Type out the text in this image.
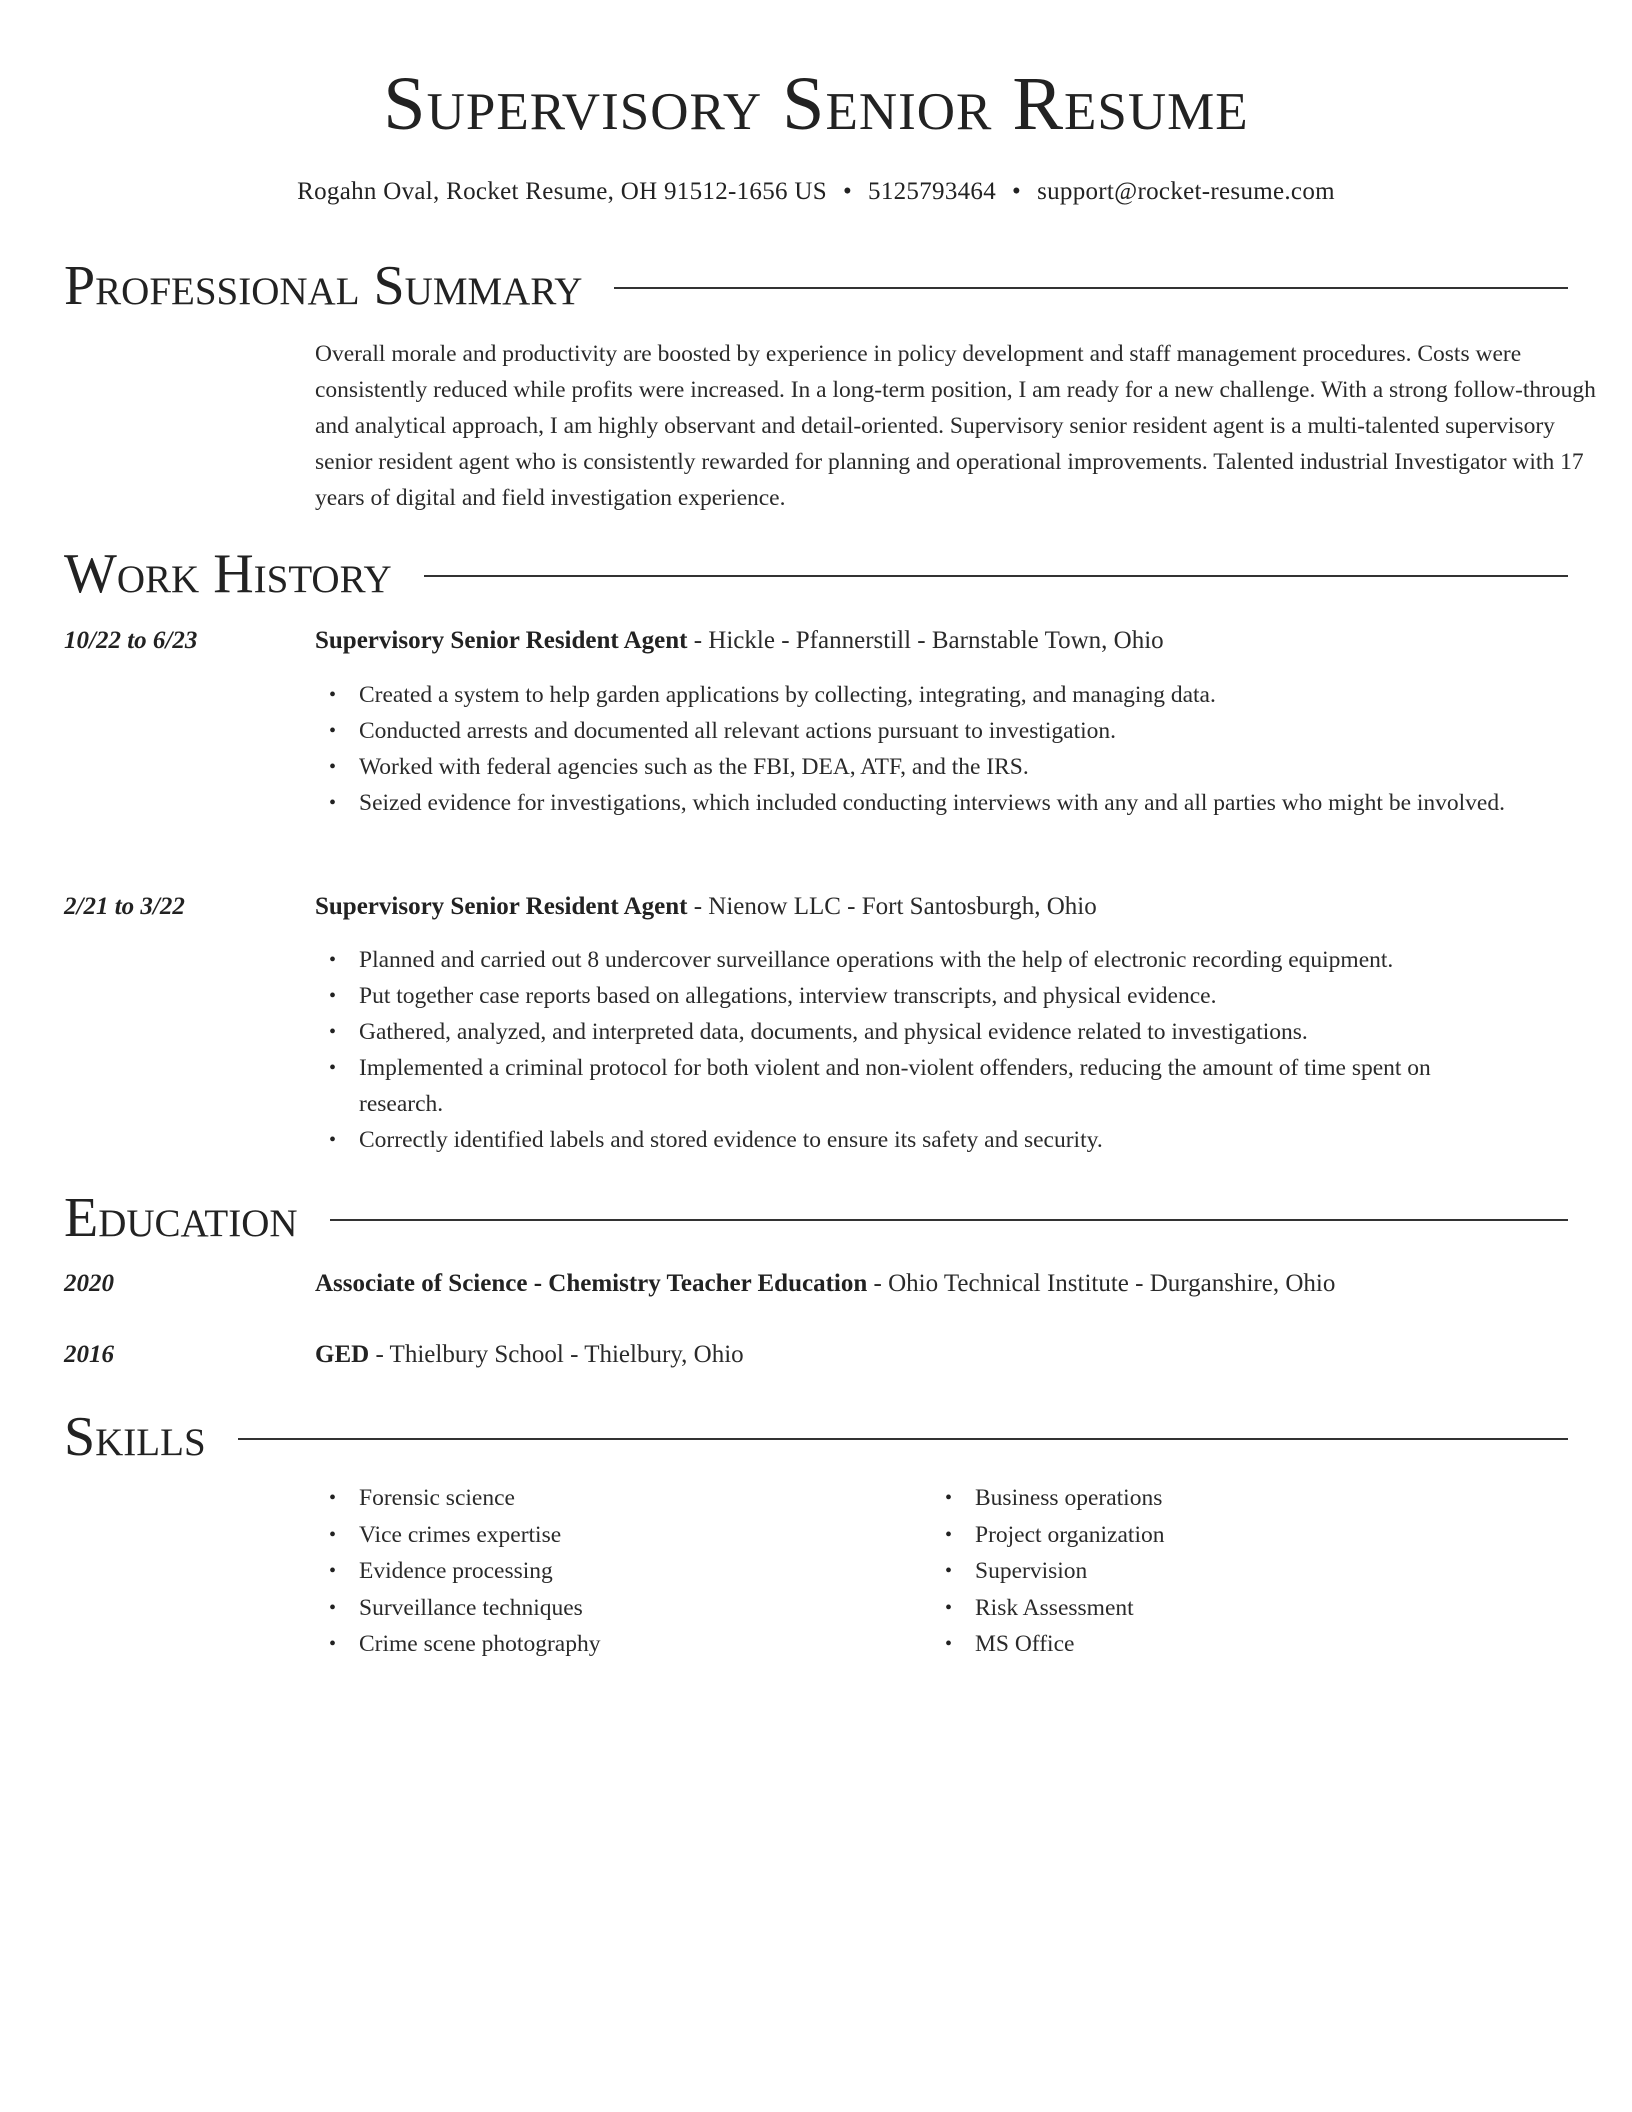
Supervisory Senior Resume
Rogahn Oval, Rocket Resume, OH 91512-1656 US • 5125793464 • support@rocket-resume.com
Professional Summary
Overall morale and productivity are boosted by experience in policy development and staff management procedures. Costs were consistently reduced while profits were increased. In a long-term position, I am ready for a new challenge. With a strong follow-through and analytical approach, I am highly observant and detail-oriented. Supervisory senior resident agent is a multi-talented supervisory senior resident agent who is consistently rewarded for planning and operational improvements. Talented industrial Investigator with 17 years of digital and field investigation experience.
Work History
10/22 to 6/23	Supervisory Senior Resident Agent - Hickle - Pfannerstill - Barnstable Town, Ohio
• Created a system to help garden applications by collecting, integrating, and managing data.
• Conducted arrests and documented all relevant actions pursuant to investigation.
• Worked with federal agencies such as the FBI, DEA, ATF, and the IRS.
• Seized evidence for investigations, which included conducting interviews with any and all parties who might be involved.
2/21 to 3/22	Supervisory Senior Resident Agent - Nienow LLC - Fort Santosburgh, Ohio
• Planned and carried out 8 undercover surveillance operations with the help of electronic recording equipment.
• Put together case reports based on allegations, interview transcripts, and physical evidence.
• Gathered, analyzed, and interpreted data, documents, and physical evidence related to investigations.
• Implemented a criminal protocol for both violent and non-violent offenders, reducing the amount of time spent on research.
• Correctly identified labels and stored evidence to ensure its safety and security.
Education
2020	Associate of Science - Chemistry Teacher Education - Ohio Technical Institute - Durganshire, Ohio
2016	GED - Thielbury School - Thielbury, Ohio
Skills
• Forensic science
• Vice crimes expertise
• Evidence processing
• Surveillance techniques
• Crime scene photography
• Business operations
• Project organization
• Supervision
• Risk Assessment
• MS Office
